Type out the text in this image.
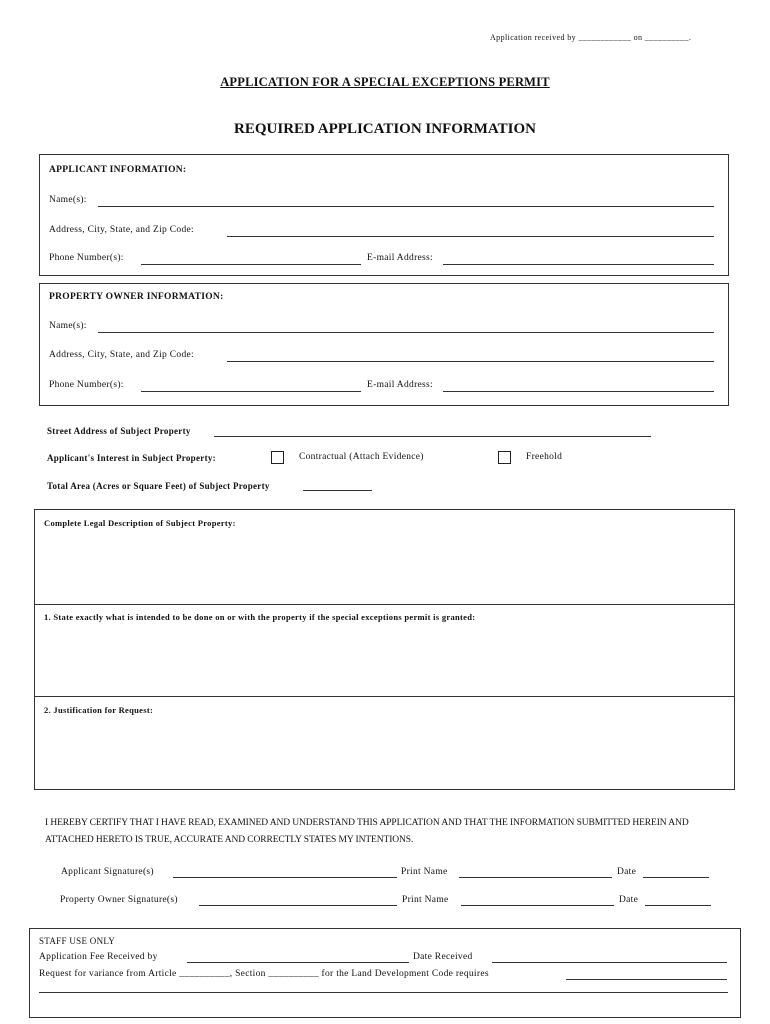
Application received by ____________ on __________.
APPLICATION FOR A SPECIAL EXCEPTIONS PERMIT
REQUIRED APPLICATION INFORMATION
APPLICANT INFORMATION:
Name(s):
Address, City, State, and Zip Code:
Phone Number(s):	E-mail Address:
PROPERTY OWNER INFORMATION:
Name(s):
Address, City, State, and Zip Code:
Phone Number(s):	E-mail Address:
Street Address of Subject Property
Applicant's Interest in Subject Property:	Contractual (Attach Evidence)	Freehold
Total Area (Acres or Square Feet) of Subject Property
Complete Legal Description of Subject Property:
1. State exactly what is intended to be done on or with the property if the special exceptions permit is granted:
2. Justification for Request:
I HEREBY CERTIFY THAT I HAVE READ, EXAMINED AND UNDERSTAND THIS APPLICATION AND THAT THE INFORMATION SUBMITTED HEREIN AND ATTACHED HERETO IS TRUE, ACCURATE AND CORRECTLY STATES MY INTENTIONS.
Applicant Signature(s)	Print Name	Date
Property Owner Signature(s)	Print Name	Date
STAFF USE ONLY
Application Fee Received by	Date Received
Request for variance from Article __________, Section __________ for the Land Development Code requires
